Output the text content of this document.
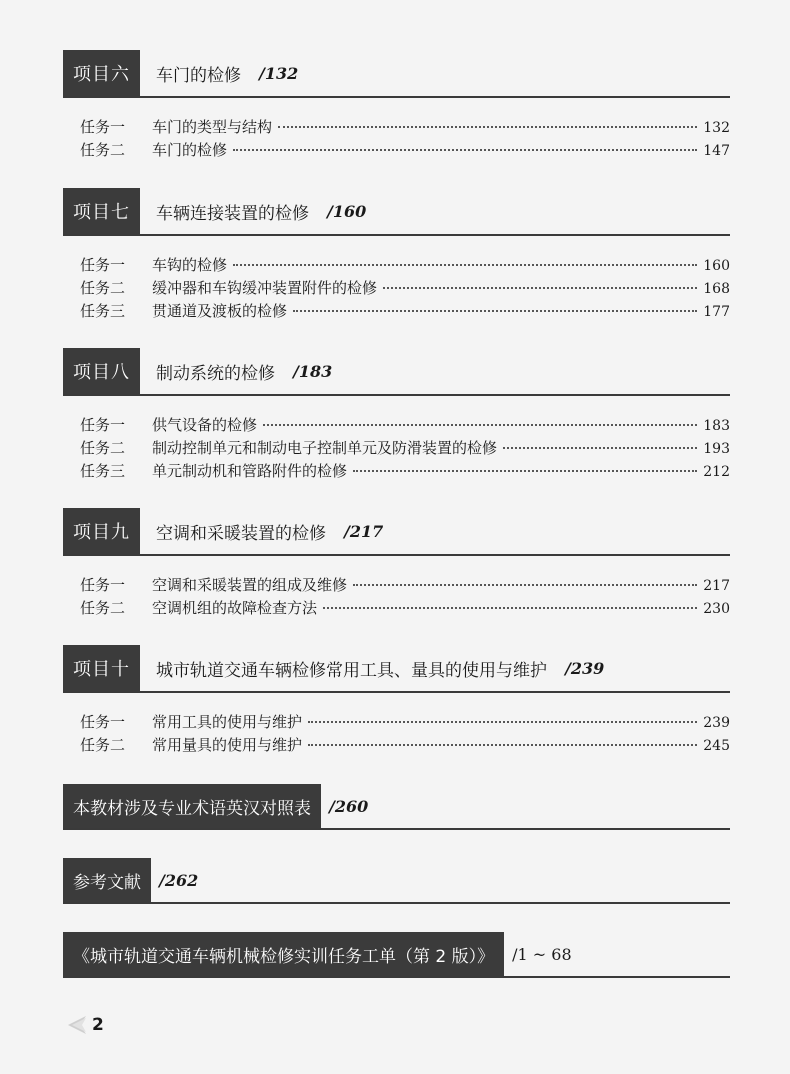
项目六	车门的检修 /132
任务一	车门的类型与结构	132
任务二	车门的检修	147
项目七	车辆连接装置的检修 /160
任务一	车钩的检修	160
任务二	缓冲器和车钩缓冲装置附件的检修	168
任务三	贯通道及渡板的检修	177
项目八	制动系统的检修 /183
任务一	供气设备的检修	183
任务二	制动控制单元和制动电子控制单元及防滑装置的检修	193
任务三	单元制动机和管路附件的检修	212
项目九	空调和采暖装置的检修 /217
任务一	空调和采暖装置的组成及维修	217
任务二	空调机组的故障检查方法	230
项目十	城市轨道交通车辆检修常用工具、量具的使用与维护 /239
任务一	常用工具的使用与维护	239
任务二	常用量具的使用与维护	245
本教材涉及专业术语英汉对照表	/260
参考文献	/262
《城市轨道交通车辆机械检修实训任务工单（第 2 版）》	/1 ~ 68
2
